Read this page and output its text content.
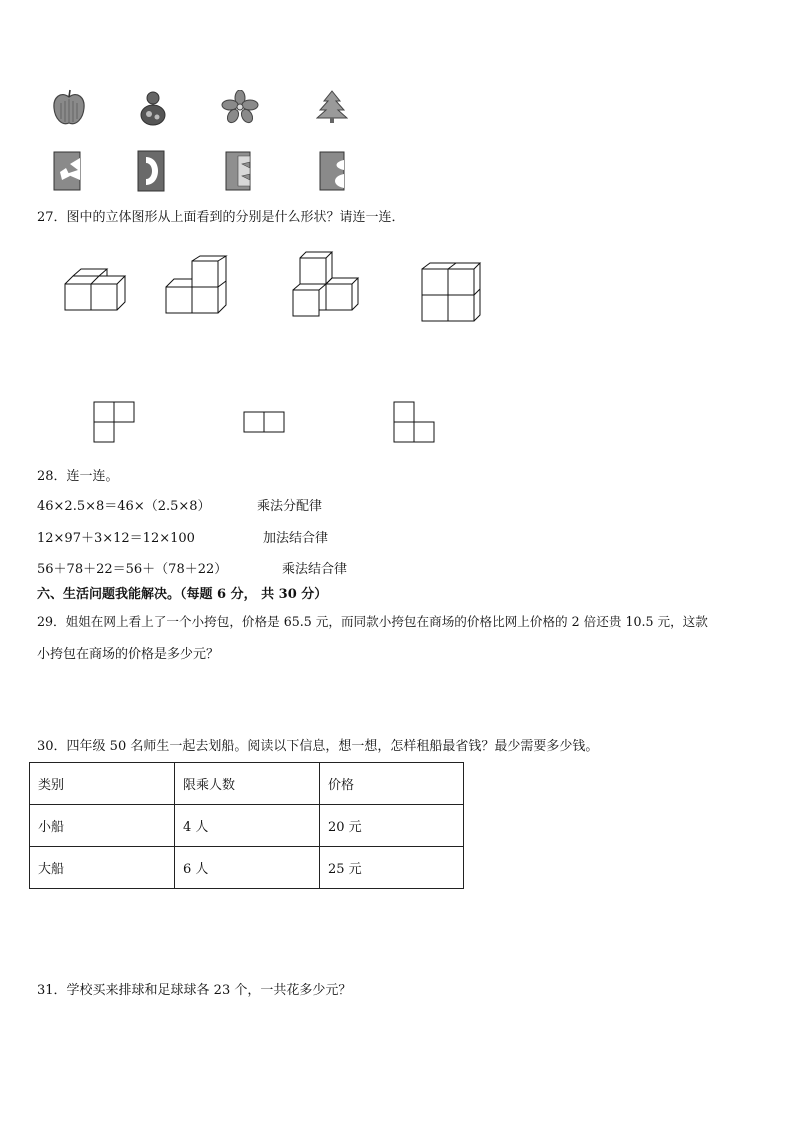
27．图中的立体图形从上面看到的分别是什么形状？请连一连．
28．连一连。
46×2.5×8＝46×（2.5×8）	乘法分配律
12×97＋3×12＝12×100	加法结合律
56＋78＋22＝56＋（78＋22）	乘法结合律
六、生活问题我能解决。（每题 6 分， 共 30 分）
29．姐姐在网上看上了一个小挎包，价格是 65.5 元，而同款小挎包在商场的价格比网上价格的 2 倍还贵 10.5 元，这款
小挎包在商场的价格是多少元？
30．四年级 50 名师生一起去划船。阅读以下信息，想一想，怎样租船最省钱？最少需要多少钱。
类别	限乘人数	价格
小船	4 人	20 元
大船	6 人	25 元
31．学校买来排球和足球球各 23 个，一共花多少元？
